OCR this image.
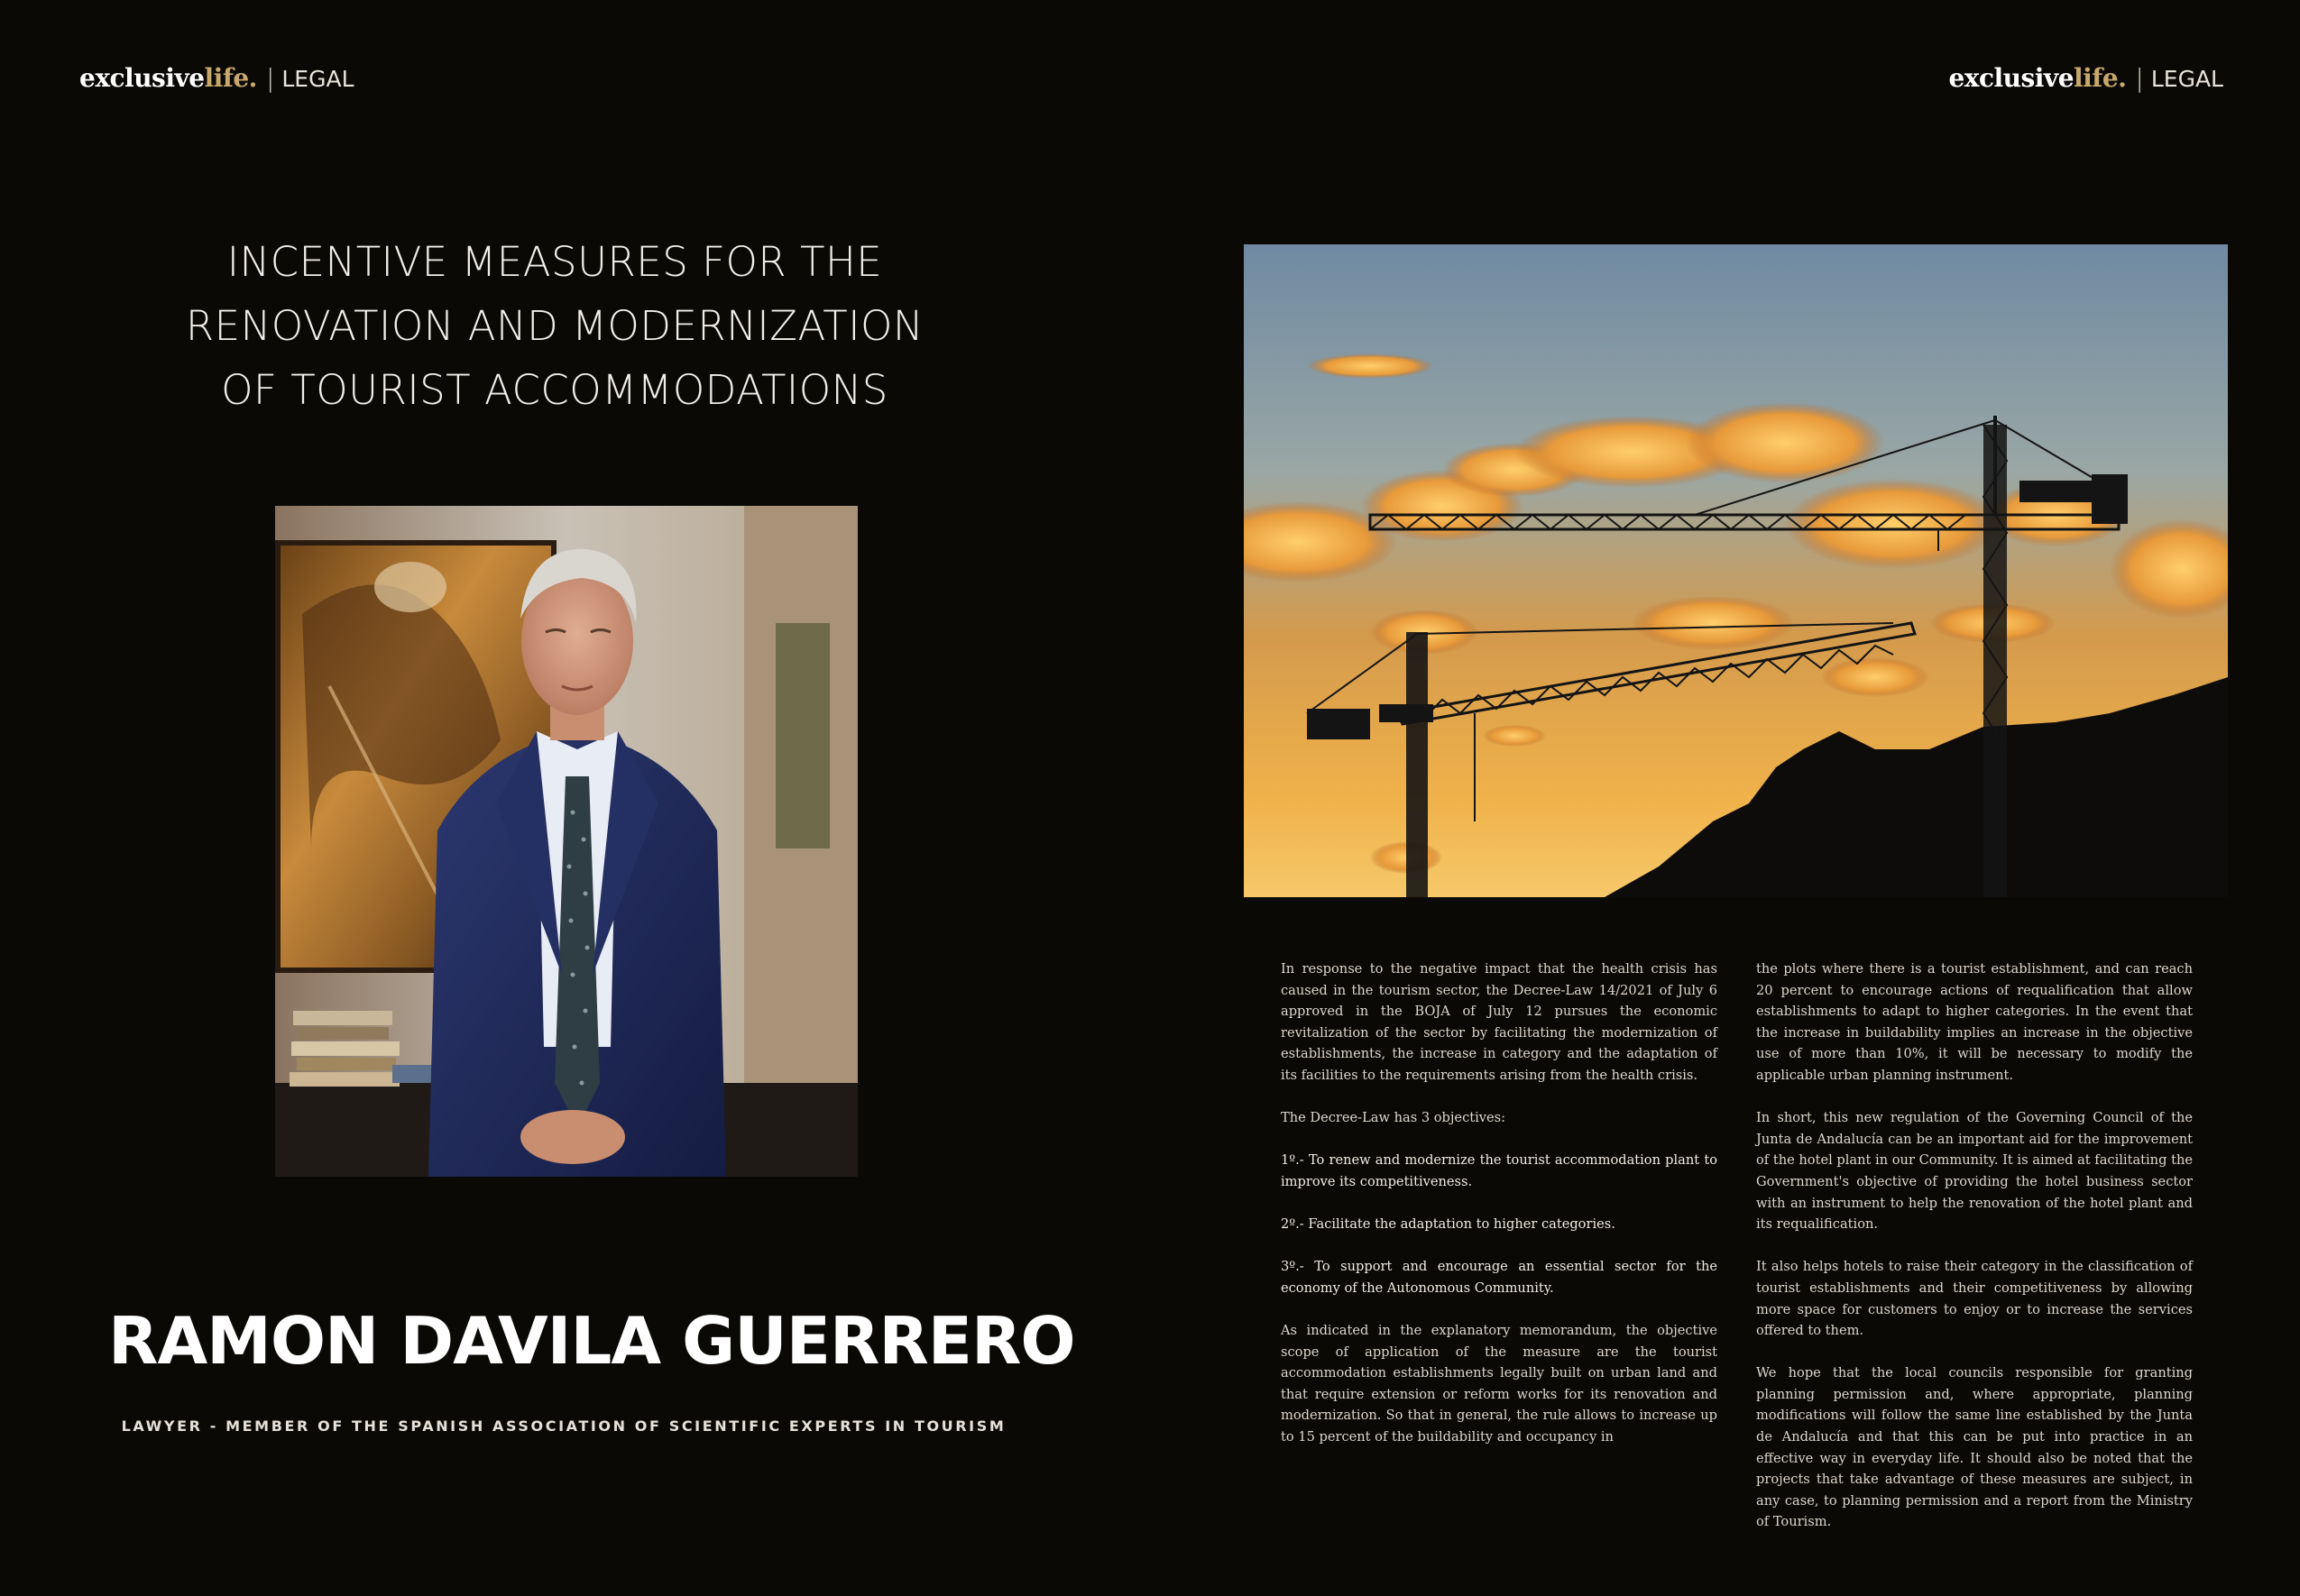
exclusive life. | LEGAL	exclusive life. | LEGAL
INCENTIVE MEASURES FOR THE
RENOVATION AND MODERNIZATION
OF TOURIST ACCOMMODATIONS
RAMON DAVILA GUERRERO
LAWYER - MEMBER OF THE SPANISH ASSOCIATION OF SCIENTIFIC EXPERTS IN TOURISM

In response to the negative impact that the health crisis has caused in the tourism sector, the Decree-Law 14/2021 of July 6 approved in the BOJA of July 12 pursues the economic revitalization of the sector by facilitating the modernization of establishments, the increase in category and the adaptation of its facilities to the requirements arising from the health crisis.

The Decree-Law has 3 objectives:

1º.- To renew and modernize the tourist accommodation plant to improve its competitiveness.

2º.- Facilitate the adaptation to higher categories.

3º.- To support and encourage an essential sector for the economy of the Autonomous Community.

As indicated in the explanatory memorandum, the objective scope of application of the measure are the tourist accommodation establishments legally built on urban land and that require extension or reform works for its renovation and modernization. So that in general, the rule allows to increase up to 15 percent of the buildability and occupancy in

the plots where there is a tourist establishment, and can reach 20 percent to encourage actions of requalification that allow establishments to adapt to higher categories. In the event that the increase in buildability implies an increase in the objective use of more than 10%, it will be necessary to modify the applicable urban planning instrument.

In short, this new regulation of the Governing Council of the Junta de Andalucía can be an important aid for the improvement of the hotel plant in our Community. It is aimed at facilitating the Government's objective of providing the hotel business sector with an instrument to help the renovation of the hotel plant and its requalification.

It also helps hotels to raise their category in the classification of tourist establishments and their competitiveness by allowing more space for customers to enjoy or to increase the services offered to them.

We hope that the local councils responsible for granting planning permission and, where appropriate, planning modifications will follow the same line established by the Junta de Andalucía and that this can be put into practice in an effective way in everyday life. It should also be noted that the projects that take advantage of these measures are subject, in any case, to planning permission and a report from the Ministry of Tourism.
